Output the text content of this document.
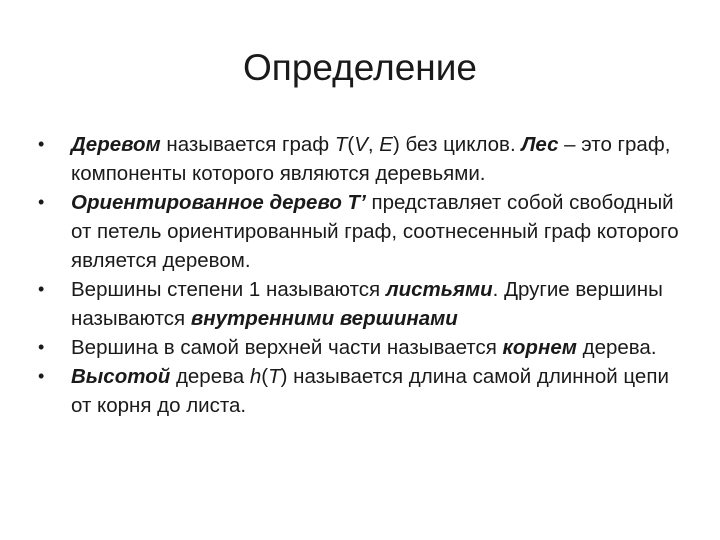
Определение
•	Деревом называется граф T(V, E) без циклов. Лес – это граф, компоненты которого являются деревьями.
•	Ориентированное дерево T’ представляет собой свободный от петель ориентированный граф, соотнесенный граф которого является деревом.
•	Вершины степени 1 называются листьями. Другие вершины называются внутренними вершинами
•	Вершина в самой верхней части называется корнем дерева.
•	Высотой дерева h(T) называется длина самой длинной цепи от корня до листа.
